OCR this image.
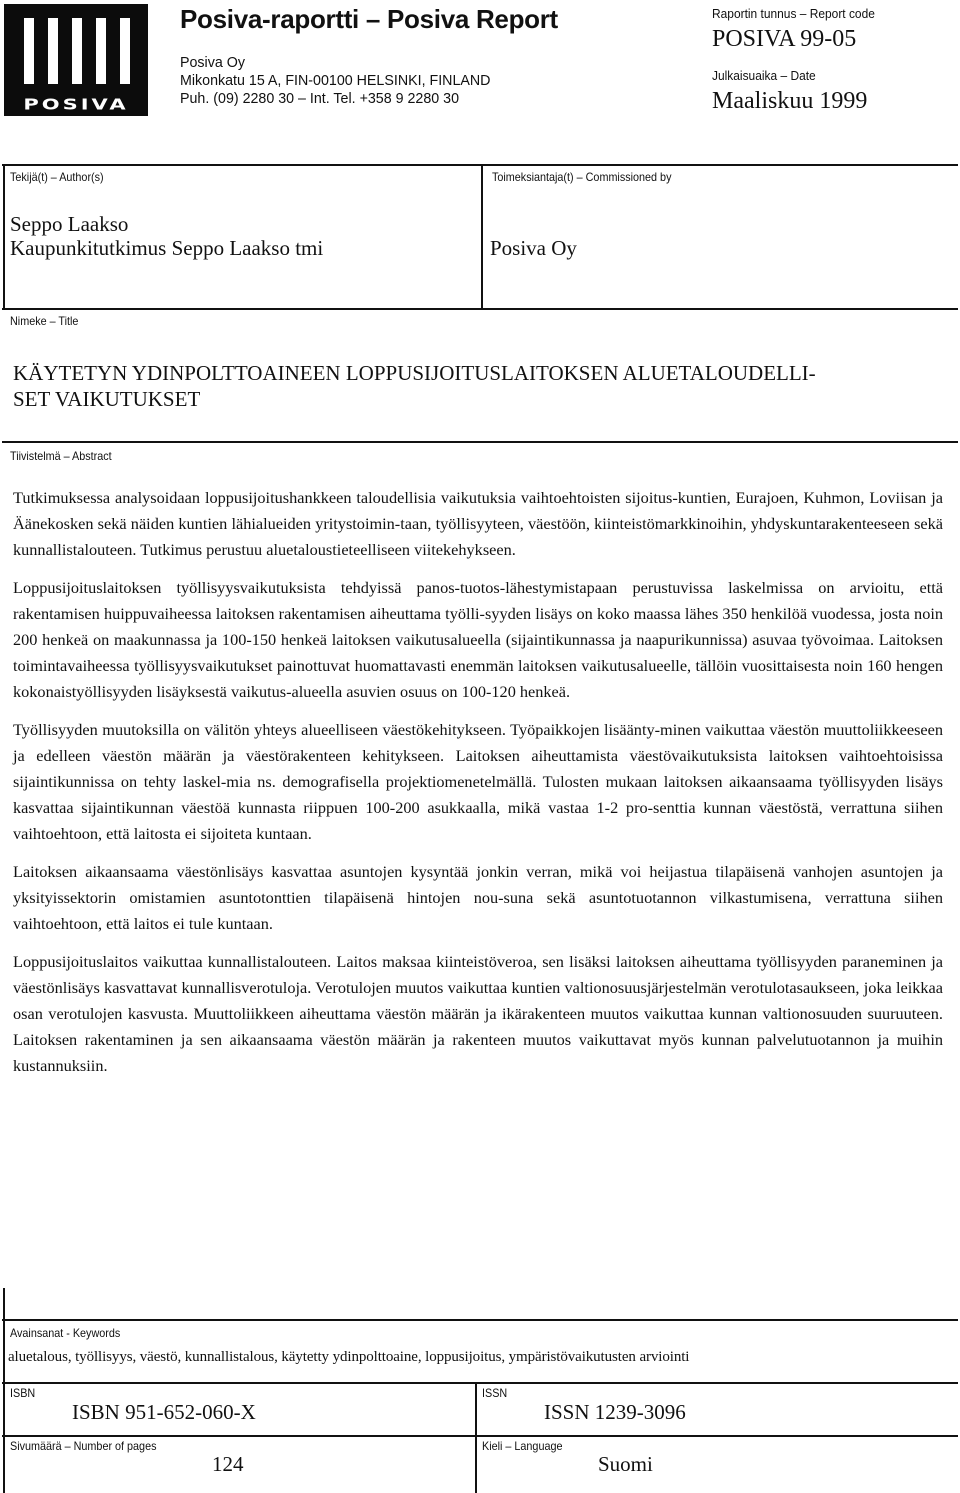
POSIVA
Posiva-raportti – Posiva Report
Posiva Oy
Mikonkatu 15 A, FIN-00100 HELSINKI, FINLAND
Puh. (09) 2280 30 – Int. Tel. +358 9 2280 30
Raportin tunnus – Report code
POSIVA 99-05
Julkaisuaika – Date
Maaliskuu 1999
Tekijä(t) – Author(s)
Seppo Laakso
Kaupunkitutkimus Seppo Laakso tmi
Toimeksiantaja(t) – Commissioned by
Posiva Oy
Nimeke – Title
KÄYTETYN YDINPOLTTOAINEEN LOPPUSIJOITUSLAITOKSEN ALUETALOUDELLI-
SET VAIKUTUKSET
Tiivistelmä – Abstract

Tutkimuksessa analysoidaan loppusijoitushankkeen taloudellisia vaikutuksia vaihtoehtoisten sijoitus-kuntien, Eurajoen, Kuhmon, Loviisan ja Äänekosken sekä näiden kuntien lähialueiden yritystoimin-taan, työllisyyteen, väestöön, kiinteistömarkkinoihin, yhdyskuntarakenteeseen sekä kunnallistalouteen. Tutkimus perustuu aluetaloustieteelliseen viitekehykseen.

Loppusijoituslaitoksen työllisyysvaikutuksista tehdyissä panos-tuotos-lähestymistapaan perustuvissa laskelmissa on arvioitu, että rakentamisen huippuvaiheessa laitoksen rakentamisen aiheuttama työlli-syyden lisäys on koko maassa lähes 350 henkilöä vuodessa, josta noin 200 henkeä on maakunnassa ja 100-150 henkeä laitoksen vaikutusalueella (sijaintikunnassa ja naapurikunnissa) asuvaa työvoimaa. Laitoksen toimintavaiheessa työllisyysvaikutukset painottuvat huomattavasti enemmän laitoksen vaikutusalueelle, tällöin vuosittaisesta noin 160 hengen kokonaistyöllisyyden lisäyksestä vaikutus-alueella asuvien osuus on 100-120 henkeä.

Työllisyyden muutoksilla on välitön yhteys alueelliseen väestökehitykseen. Työpaikkojen lisäänty-minen vaikuttaa väestön muuttoliikkeeseen ja edelleen väestön määrän ja väestörakenteen kehitykseen. Laitoksen aiheuttamista väestövaikutuksista laitoksen vaihtoehtoisissa sijaintikunnissa on tehty laskel-mia ns. demografisella projektiomenetelmällä. Tulosten mukaan laitoksen aikaansaama työllisyyden lisäys kasvattaa sijaintikunnan väestöä kunnasta riippuen 100-200 asukkaalla, mikä vastaa 1-2 pro-senttia kunnan väestöstä, verrattuna siihen vaihtoehtoon, että laitosta ei sijoiteta kuntaan.

Laitoksen aikaansaama väestönlisäys kasvattaa asuntojen kysyntää jonkin verran, mikä voi heijastua tilapäisenä vanhojen asuntojen ja yksityissektorin omistamien asuntotonttien tilapäisenä hintojen nou-suna sekä asuntotuotannon vilkastumisena, verrattuna siihen vaihtoehtoon, että laitos ei tule kuntaan.

Loppusijoituslaitos vaikuttaa kunnallistalouteen. Laitos maksaa kiinteistöveroa, sen lisäksi laitoksen aiheuttama työllisyyden paraneminen ja väestönlisäys kasvattavat kunnallisverotuloja. Verotulojen muutos vaikuttaa kuntien valtionosuusjärjestelmän verotulotasaukseen, joka leikkaa osan verotulojen kasvusta. Muuttoliikkeen aiheuttama väestön määrän ja ikärakenteen muutos vaikuttaa kunnan valtionosuuden suuruuteen. Laitoksen rakentaminen ja sen aikaansaama väestön määrän ja rakenteen muutos vaikuttavat myös kunnan palvelutuotannon ja muihin kustannuksiin.

Avainsanat - Keywords
aluetalous, työllisyys, väestö, kunnallistalous, käytetty ydinpolttoaine, loppusijoitus, ympäristövaikutusten arviointi
ISBN
ISBN 951-652-060-X
ISSN
ISSN 1239-3096
Sivumäärä – Number of pages
124
Kieli – Language
Suomi
